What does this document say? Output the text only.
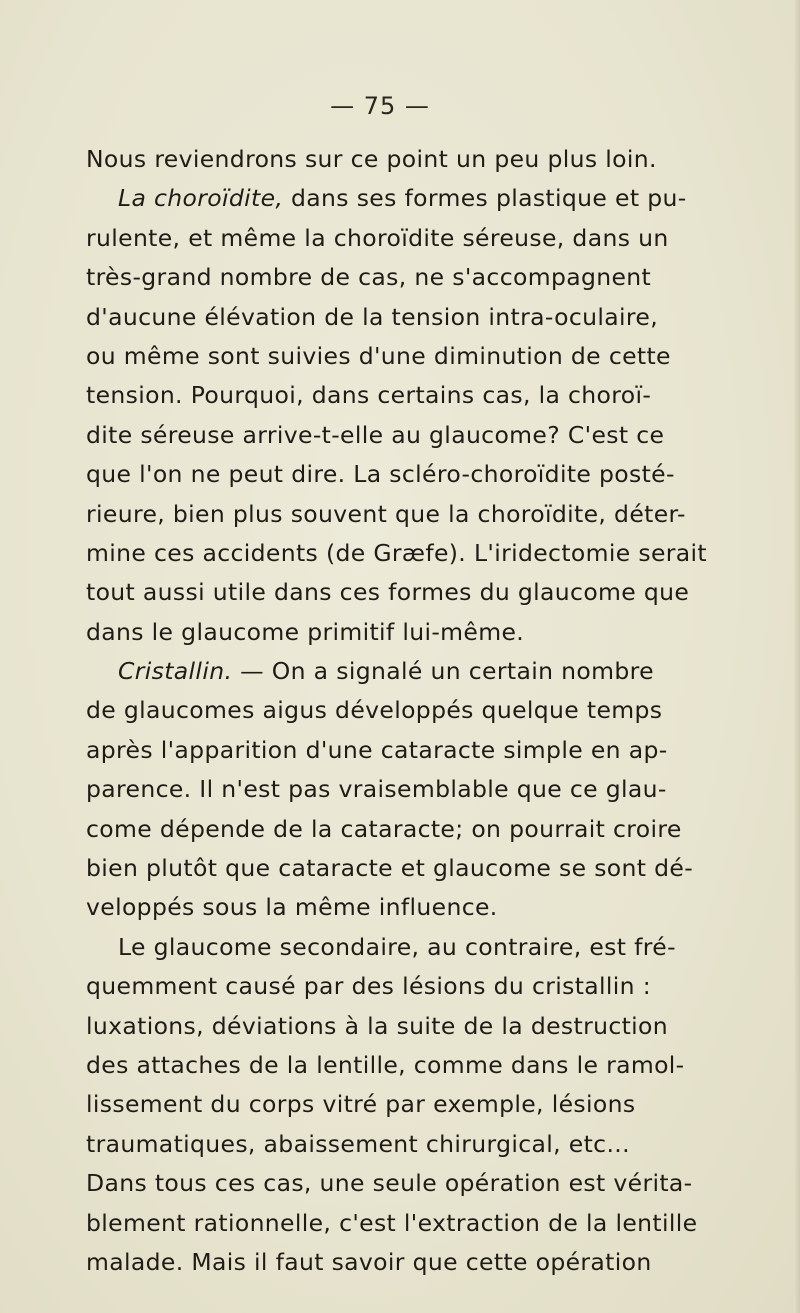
— 75 —
Nous reviendrons sur ce point un peu plus loin.
La choroïdite, dans ses formes plastique et pu-
rulente, et même la choroïdite séreuse, dans un
très-grand nombre de cas, ne s'accompagnent
d'aucune élévation de la tension intra-oculaire,
ou même sont suivies d'une diminution de cette
tension. Pourquoi, dans certains cas, la choroï-
dite séreuse arrive-t-elle au glaucome? C'est ce
que l'on ne peut dire. La scléro-choroïdite posté-
rieure, bien plus souvent que la choroïdite, déter-
mine ces accidents (de Græfe). L'iridectomie serait
tout aussi utile dans ces formes du glaucome que
dans le glaucome primitif lui-même.
Cristallin. — On a signalé un certain nombre
de glaucomes aigus développés quelque temps
après l'apparition d'une cataracte simple en ap-
parence. Il n'est pas vraisemblable que ce glau-
come dépende de la cataracte; on pourrait croire
bien plutôt que cataracte et glaucome se sont dé-
veloppés sous la même influence.
Le glaucome secondaire, au contraire, est fré-
quemment causé par des lésions du cristallin :
luxations, déviations à la suite de la destruction
des attaches de la lentille, comme dans le ramol-
lissement du corps vitré par exemple, lésions
traumatiques, abaissement chirurgical, etc...
Dans tous ces cas, une seule opération est vérita-
blement rationnelle, c'est l'extraction de la lentille
malade. Mais il faut savoir que cette opération
